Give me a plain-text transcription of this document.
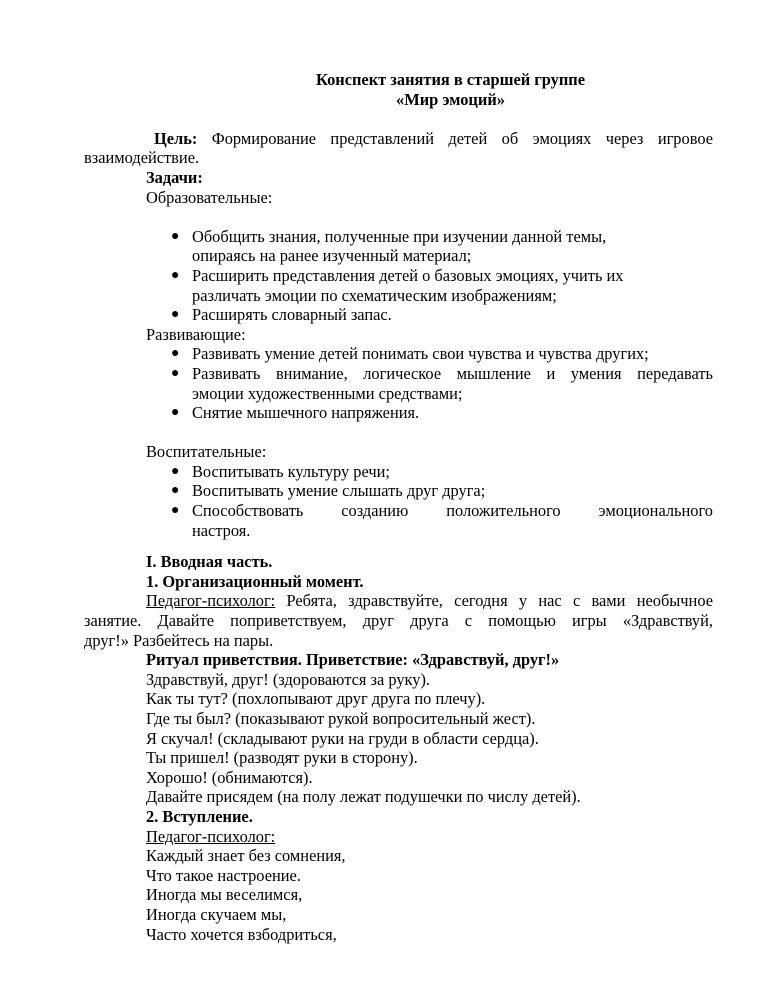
Конспект занятия в старшей группе
«Мир эмоций»

Цель: Формирование представлений детей об эмоциях через игровое

взаимодействие.

Задачи:

Образовательные:

● Обобщить знания, полученные при изучении данной темы,
опираясь на ранее изученный материал;
● Расширить представления детей о базовых эмоциях, учить их
различать эмоции по схематическим изображениям;
● Расширять словарный запас.

Развивающие:

● Развивать умение детей понимать свои чувства и чувства других;
● Развивать внимание, логическое мышление и умения передавать
эмоции художественными средствами;
● Снятие мышечного напряжения.

Воспитательные:

● Воспитывать культуру речи;
● Воспитывать умение слышать друг друга;
● Способствовать созданию положительного эмоционального
настроя.

I. Вводная часть.

1. Организационный момент.

Педагог-психолог: Ребята, здравствуйте, сегодня у нас с вами необычное
занятие. Давайте поприветствуем, друг друга с помощью игры «Здравствуй,
друг!» Разбейтесь на пары.

Ритуал приветствия. Приветствие: «Здравствуй, друг!»

Здравствуй, друг! (здороваются за руку).

Как ты тут? (похлопывают друг друга по плечу).

Где ты был? (показывают рукой вопросительный жест).

Я скучал! (складывают руки на груди в области сердца).

Ты пришел! (разводят руки в сторону).

Хорошо! (обнимаются).

Давайте присядем (на полу лежат подушечки по числу детей).

2. Вступление.

Педагог-психолог:

Каждый знает без сомнения,

Что такое настроение.

Иногда мы веселимся,

Иногда скучаем мы,

Часто хочется взбодриться,
